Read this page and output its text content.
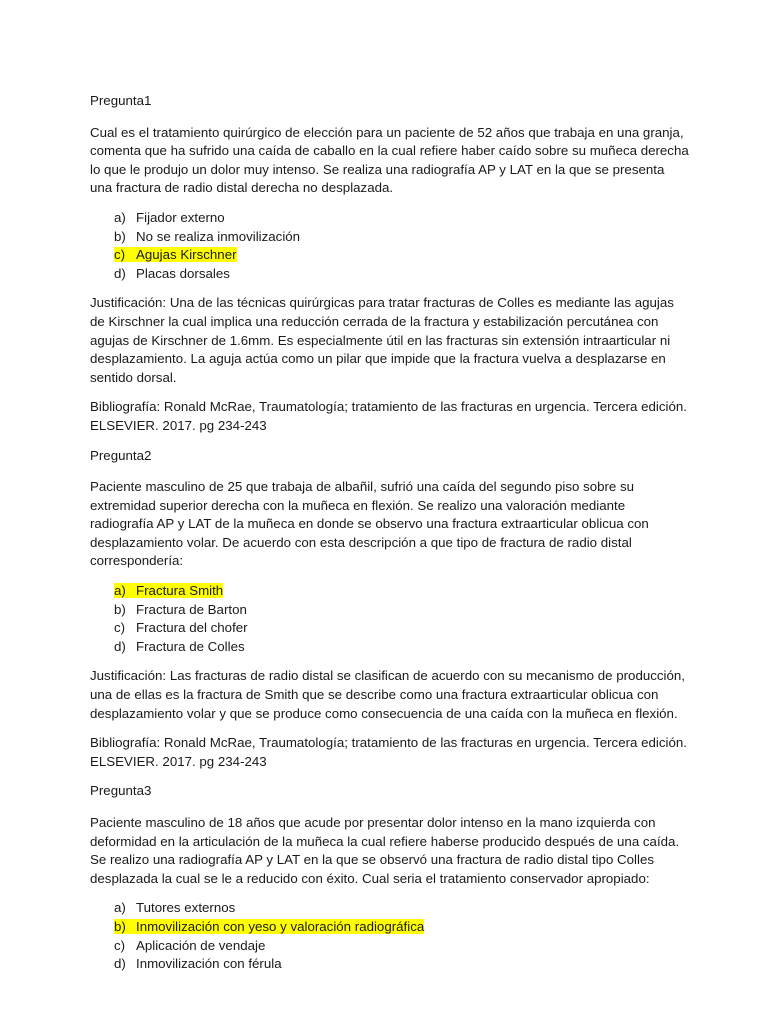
Pregunta1

Cual es el tratamiento quirúrgico de elección para un paciente de 52 años que trabaja en una granja, comenta que ha sufrido una caída de caballo en la cual refiere haber caído sobre su muñeca derecha lo que le produjo un dolor muy intenso. Se realiza una radiografía AP y LAT en la que se presenta una fractura de radio distal derecha no desplazada.

a) Fijador externo
b) No se realiza inmovilización
c) Agujas Kirschner
d) Placas dorsales

Justificación: Una de las técnicas quirúrgicas para tratar fracturas de Colles es mediante las agujas de Kirschner la cual implica una reducción cerrada de la fractura y estabilización percutánea con agujas de Kirschner de 1.6mm. Es especialmente útil en las fracturas sin extensión intraarticular ni desplazamiento. La aguja actúa como un pilar que impide que la fractura vuelva a desplazarse en sentido dorsal.

Bibliografía: Ronald McRae, Traumatología; tratamiento de las fracturas en urgencia. Tercera edición. ELSEVIER. 2017. pg 234-243

Pregunta2

Paciente masculino de 25 que trabaja de albañil, sufrió una caída del segundo piso sobre su extremidad superior derecha con la muñeca en flexión. Se realizo una valoración mediante radiografía AP y LAT de la muñeca en donde se observo una fractura extraarticular oblicua con desplazamiento volar. De acuerdo con esta descripción a que tipo de fractura de radio distal correspondería:

a) Fractura Smith
b) Fractura de Barton
c) Fractura del chofer
d) Fractura de Colles

Justificación: Las fracturas de radio distal se clasifican de acuerdo con su mecanismo de producción, una de ellas es la fractura de Smith que se describe como una fractura extraarticular oblicua con desplazamiento volar y que se produce como consecuencia de una caída con la muñeca en flexión.

Bibliografía: Ronald McRae, Traumatología; tratamiento de las fracturas en urgencia. Tercera edición. ELSEVIER. 2017. pg 234-243

Pregunta3

Paciente masculino de 18 años que acude por presentar dolor intenso en la mano izquierda con deformidad en la articulación de la muñeca la cual refiere haberse producido después de una caída. Se realizo una radiografía AP y LAT en la que se observó una fractura de radio distal tipo Colles desplazada la cual se le a reducido con éxito. Cual seria el tratamiento conservador apropiado:

a) Tutores externos
b) Inmovilización con yeso y valoración radiográfica
c) Aplicación de vendaje
d) Inmovilización con férula
